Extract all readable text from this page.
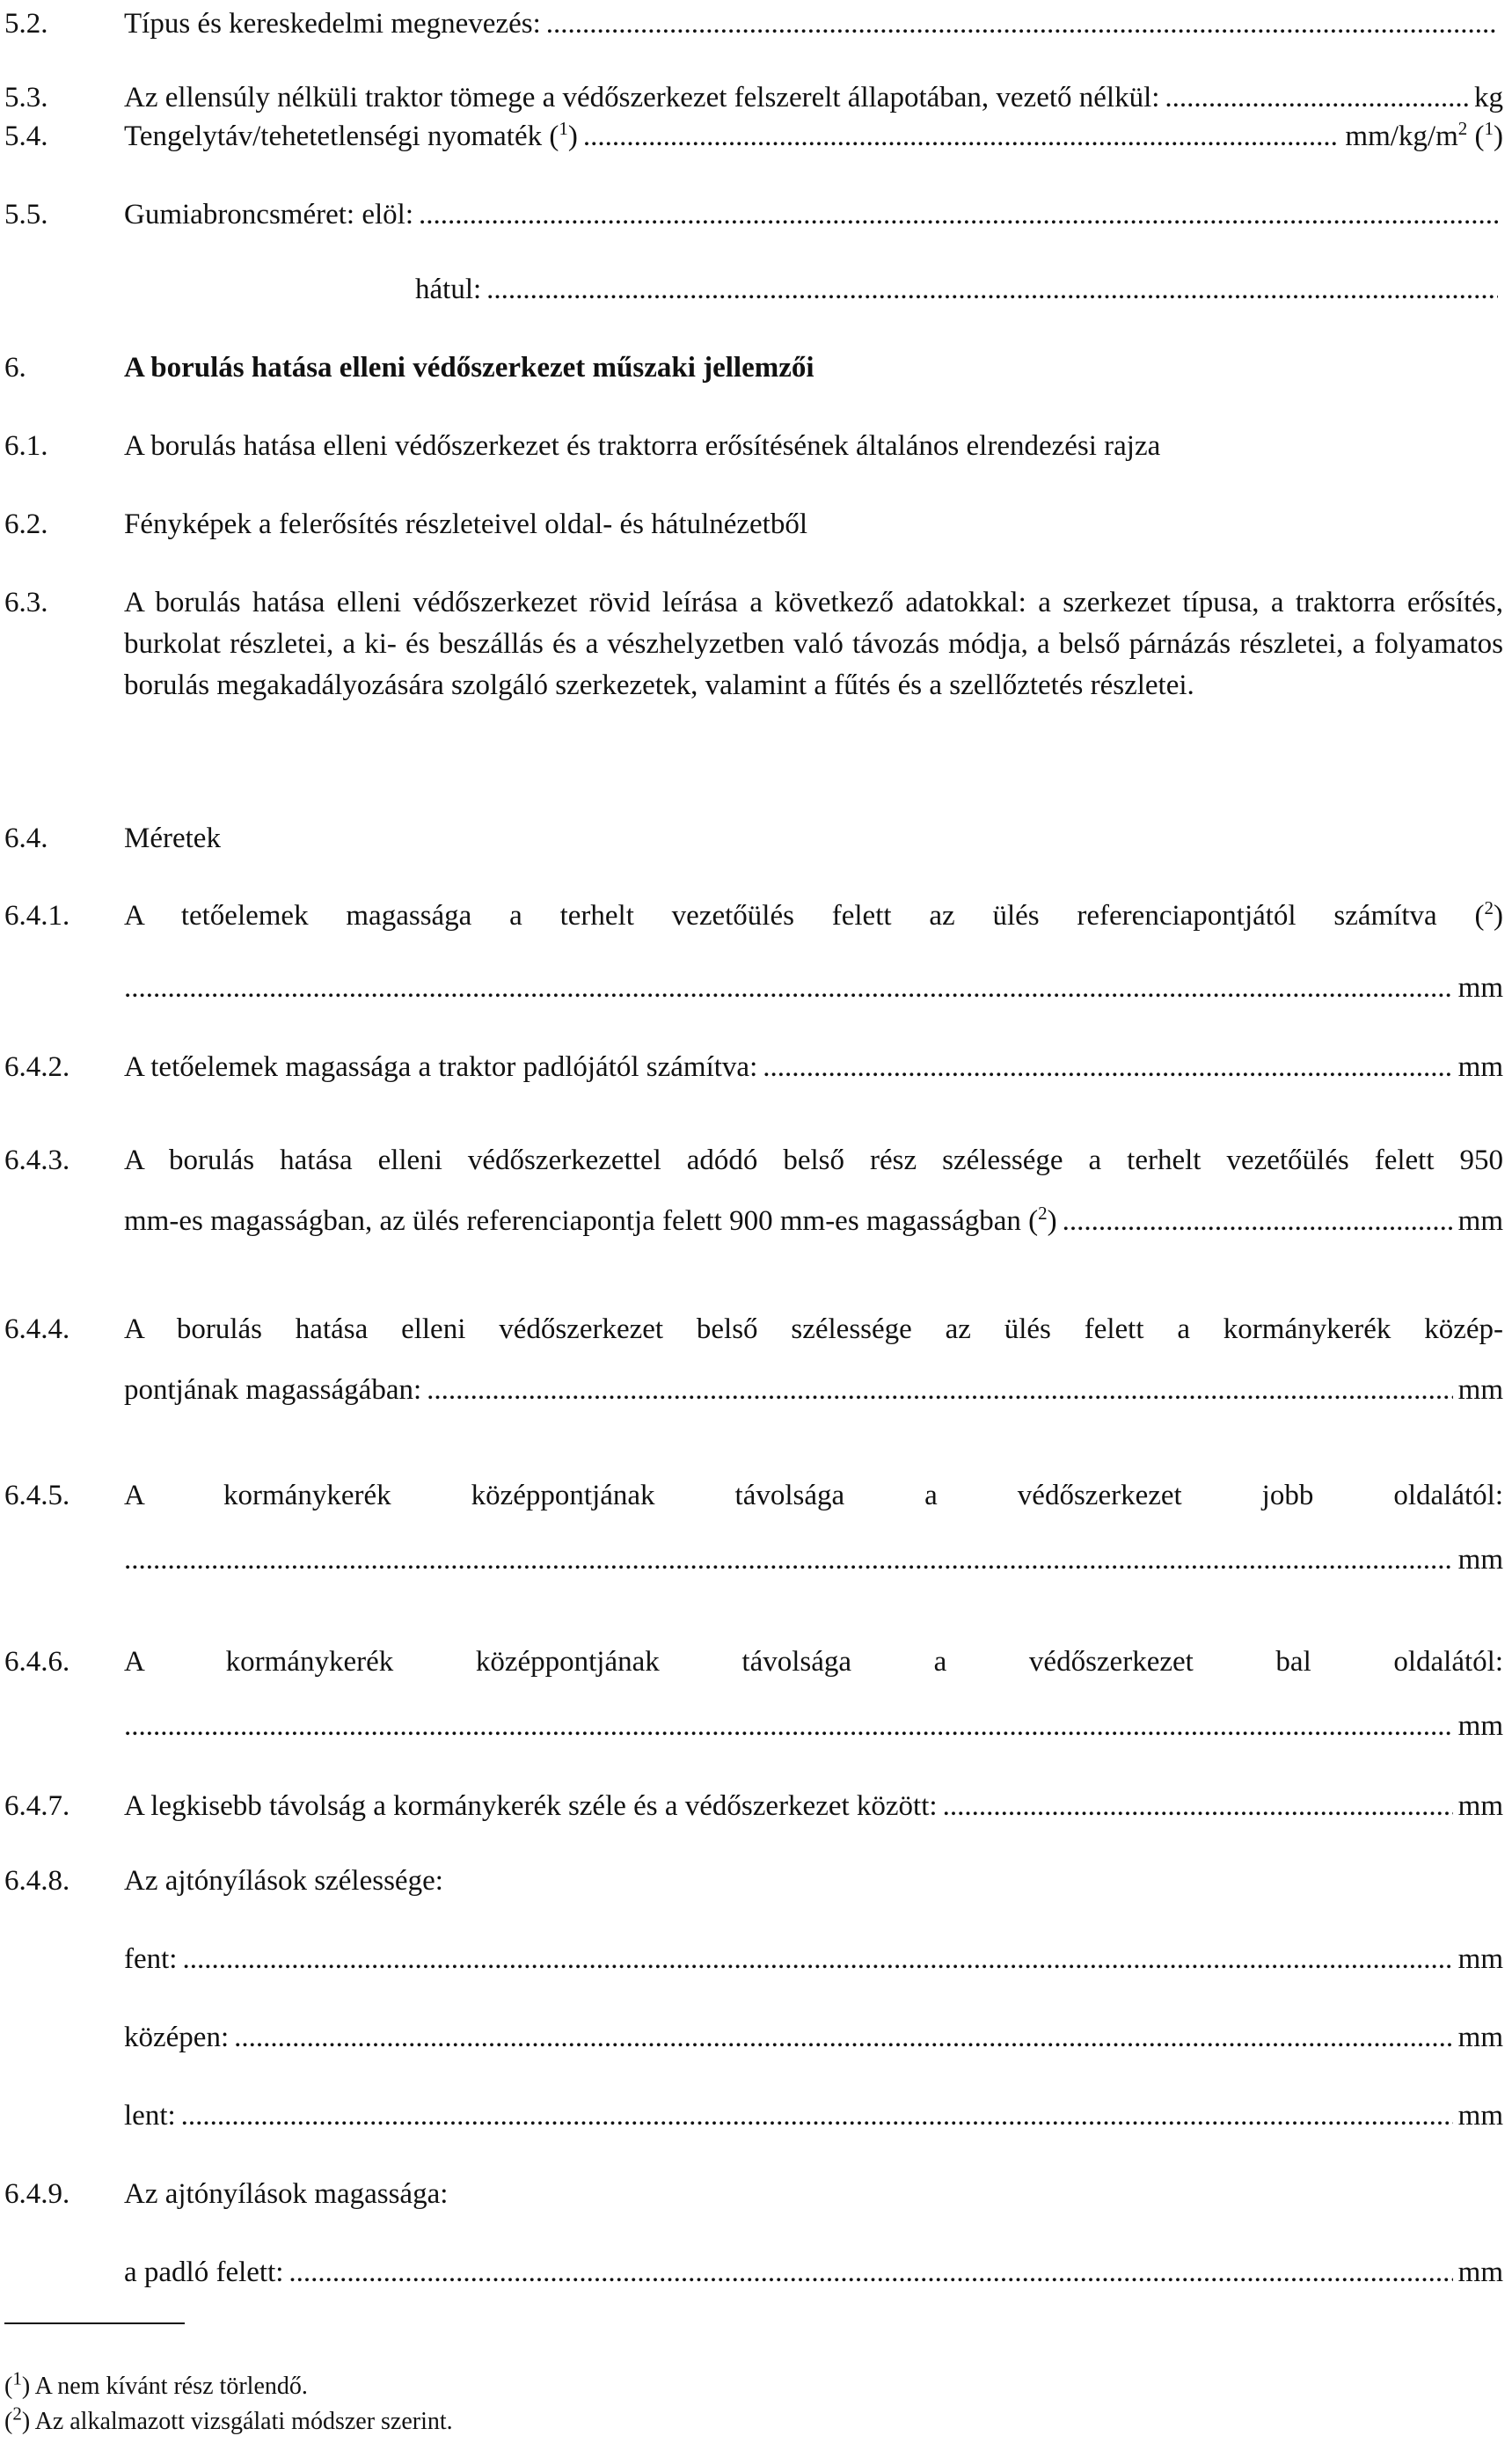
5.2.	Típus és kereskedelmi megnevezés:
.....
5.3.	Az ellensúly nélküli traktor tömege a védőszerkezet felszerelt állapotában, vezető nélkül: .....	kg
5.4.	Tengelytáv/tehetetlenségi nyomaték ($^1$) .....	$mm/kg/m^2$ ($^1$)
5.5.	Gumiabroncsméret: elöl:
.....
hátul:
.....
6.	A borulás hatása elleni védőszerkezet műszaki jellemzői
6.1.	A borulás hatása elleni védőszerkezet és traktorra erősítésének általános elrendezési rajza
6.2.	Fényképek a felerősítés részleteivel oldal- és hátulnézetből
6.3.	A borulás hatása elleni védőszerkezet rövid leírása a következő adatokkal: a szerkezet típusa, a traktorra erősítés, burkolat részletei, a ki- és beszállás és a vészhelyzetben való távozás módja, a belső párnázás részletei, a folyamatos borulás megakadályozására szolgáló szerkezetek, valamint a fűtés és a szellőztetés részletei.
6.4.	Méretek
6.4.1. A tetőelemek magassága a terhelt vezetőülés felett az ülés referenciapontjától számítva ($^2$)
.....
mm
6.4.2. A tetőelemek magassága a traktor padlójától számítva: .....	mm
6.4.3. A borulás hatása elleni védőszerkezettel adódó belső rész szélessége a terhelt vezetőülés felett 950
mm-es magasságban, az ülés referenciapontja felett 900 mm-es magasságban ($^2$) .....	mm
6.4.4. A borulás hatása elleni védőszerkezet belső szélessége az ülés felett a kormánykerék közép-
pontjának magasságában: .....	mm
6.4.5. A kormánykerék középpontjának távolsága a védőszerkezet jobb oldalától:
.....
mm
6.4.6. A kormánykerék középpontjának távolsága a védőszerkezet bal oldalától:
.....
mm
6.4.7. A legkisebb távolság a kormánykerék széle és a védőszerkezet között: .....	mm
6.4.8. Az ajtónyílások szélessége:
fent: .....	mm
középen: .....	mm
lent: .....	mm
6.4.9. Az ajtónyílások magassága:
a padló felett: .....	mm
($^1$) A nem kívánt rész törlendő.
($^2$) Az alkalmazott vizsgálati módszer szerint.
